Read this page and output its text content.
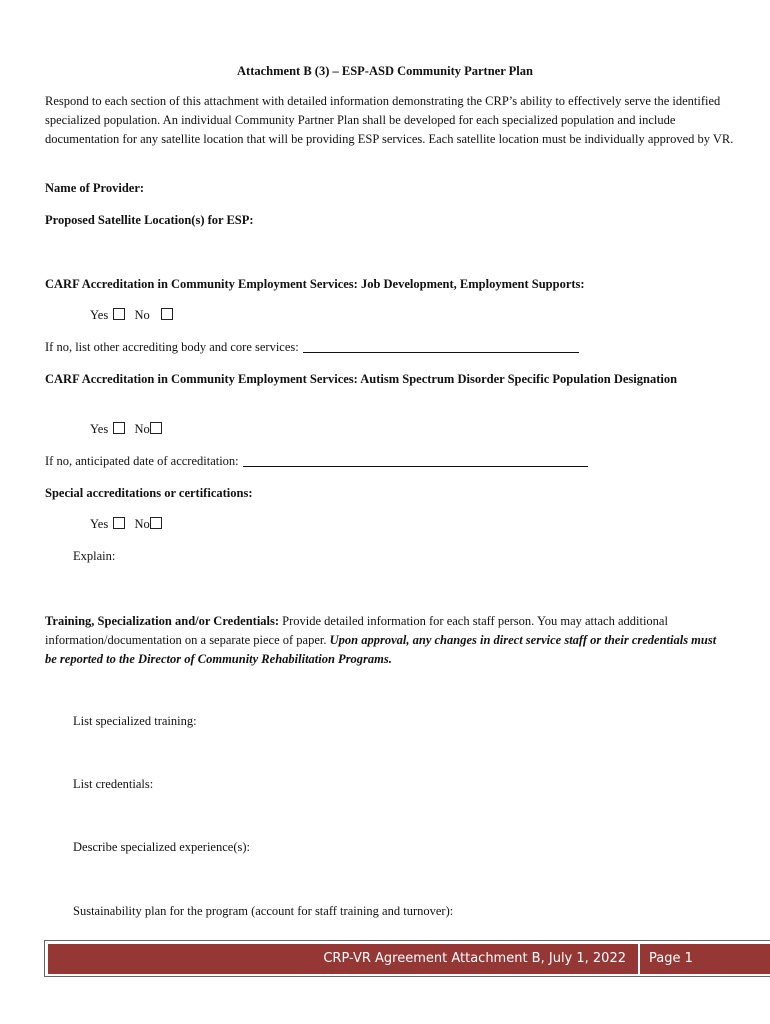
Attachment B (3) – ESP-ASD Community Partner Plan
Respond to each section of this attachment with detailed information demonstrating the CRP’s ability to effectively serve the identified specialized population. An individual Community Partner Plan shall be developed for each specialized population and include documentation for any satellite location that will be providing ESP services. Each satellite location must be individually approved by VR.
Name of Provider:
Proposed Satellite Location(s) for ESP:
CARF Accreditation in Community Employment Services: Job Development, Employment Supports:
Yes No
If no, list other accrediting body and core services:
CARF Accreditation in Community Employment Services: Autism Spectrum Disorder Specific Population Designation
Yes No
If no, anticipated date of accreditation:
Special accreditations or certifications:
Yes No
Explain:
Training, Specialization and/or Credentials: Provide detailed information for each staff person. You may attach additional information/documentation on a separate piece of paper. Upon approval, any changes in direct service staff or their credentials must be reported to the Director of Community Rehabilitation Programs.
List specialized training:
List credentials:
Describe specialized experience(s):
Sustainability plan for the program (account for staff training and turnover):
CRP-VR Agreement Attachment B, July 1, 2022 Page 1
